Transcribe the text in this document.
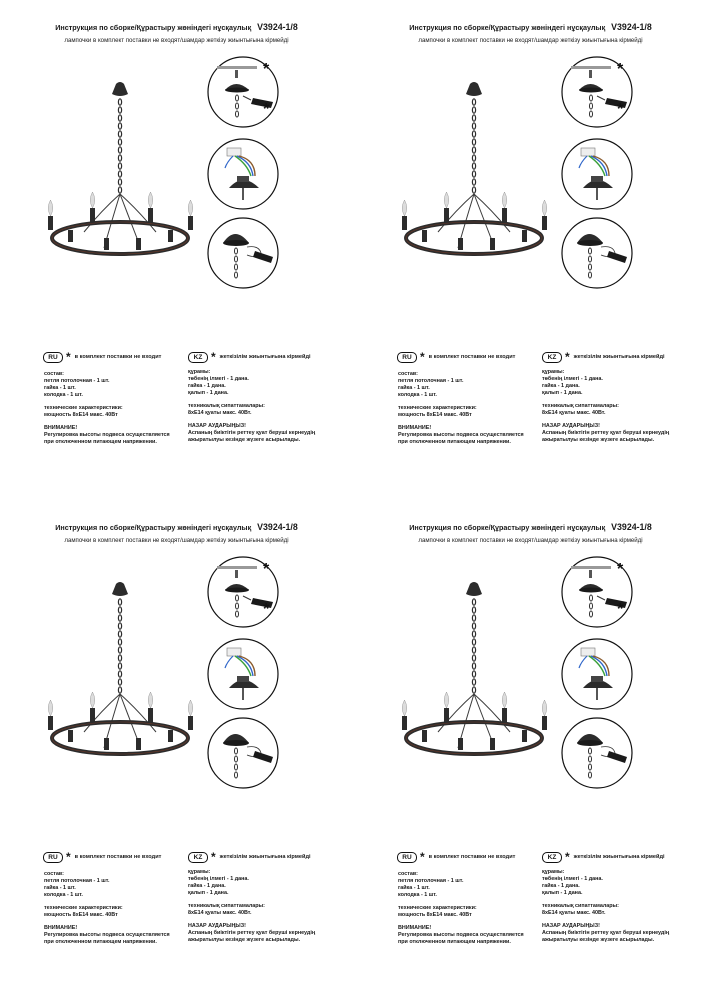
Инструкция по сборке/Құрастыру жөніндегі нұсқаулық V3924-1/8
лампочки в комплект поставки не входят/шамдар жеткізу жиынтығына кірмейді
*
*
RU * в комплект поставки не входит	KZ * жеткізілім жиынтығына кірмейді
состав:
петля потолочная - 1 шт.
гайка - 1 шт.
колодка - 1 шт.
технические характеристики:
мощность 8хЕ14 макс. 40Вт
ВНИМАНИЕ!
Регулировка высоты подвеса осуществляется
при отключенном питающем напряжении.
құрамы:
төбенің ілмегі - 1 дана.
гайка - 1 дана.
қалып - 1 дана.
техникалық сипаттамалары:
8хЕ14 қуаты макс. 40Вт.
НАЗАР АУДАРЫҢЫЗ!
Аспаның биіктігін реттеу қуат беруші кернеудің
ажыратылуы кезінде жүзеге асырылады.
Инструкция по сборке/Құрастыру жөніндегі нұсқаулық V3924-1/8
лампочки в комплект поставки не входят/шамдар жеткізу жиынтығына кірмейді
*
*
RU * в комплект поставки не входит	KZ * жеткізілім жиынтығына кірмейді
состав:
петля потолочная - 1 шт.
гайка - 1 шт.
колодка - 1 шт.
технические характеристики:
мощность 8хЕ14 макс. 40Вт
ВНИМАНИЕ!
Регулировка высоты подвеса осуществляется
при отключенном питающем напряжении.
құрамы:
төбенің ілмегі - 1 дана.
гайка - 1 дана.
қалып - 1 дана.
техникалық сипаттамалары:
8хЕ14 қуаты макс. 40Вт.
НАЗАР АУДАРЫҢЫЗ!
Аспаның биіктігін реттеу қуат беруші кернеудің
ажыратылуы кезінде жүзеге асырылады.
Инструкция по сборке/Құрастыру жөніндегі нұсқаулық V3924-1/8
лампочки в комплект поставки не входят/шамдар жеткізу жиынтығына кірмейді
*
*
RU * в комплект поставки не входит	KZ * жеткізілім жиынтығына кірмейді
состав:
петля потолочная - 1 шт.
гайка - 1 шт.
колодка - 1 шт.
технические характеристики:
мощность 8хЕ14 макс. 40Вт
ВНИМАНИЕ!
Регулировка высоты подвеса осуществляется
при отключенном питающем напряжении.
құрамы:
төбенің ілмегі - 1 дана.
гайка - 1 дана.
қалып - 1 дана.
техникалық сипаттамалары:
8хЕ14 қуаты макс. 40Вт.
НАЗАР АУДАРЫҢЫЗ!
Аспаның биіктігін реттеу қуат беруші кернеудің
ажыратылуы кезінде жүзеге асырылады.
Инструкция по сборке/Құрастыру жөніндегі нұсқаулық V3924-1/8
лампочки в комплект поставки не входят/шамдар жеткізу жиынтығына кірмейді
*
*
RU * в комплект поставки не входит	KZ * жеткізілім жиынтығына кірмейді
состав:
петля потолочная - 1 шт.
гайка - 1 шт.
колодка - 1 шт.
технические характеристики:
мощность 8хЕ14 макс. 40Вт
ВНИМАНИЕ!
Регулировка высоты подвеса осуществляется
при отключенном питающем напряжении.
құрамы:
төбенің ілмегі - 1 дана.
гайка - 1 дана.
қалып - 1 дана.
техникалық сипаттамалары:
8хЕ14 қуаты макс. 40Вт.
НАЗАР АУДАРЫҢЫЗ!
Аспаның биіктігін реттеу қуат беруші кернеудің
ажыратылуы кезінде жүзеге асырылады.
